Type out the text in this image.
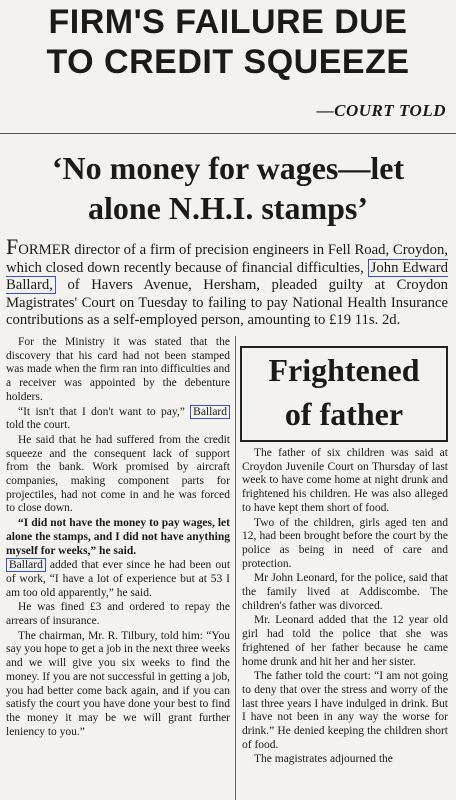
FIRM'S FAILURE DUE
TO CREDIT SQUEEZE
—COURT TOLD
‘No money for wages—let
alone N.H.I. stamps’
FORMER director of a firm of precision engineers in Fell Road, Croydon, which closed down recently because of financial difficulties, John Edward Ballard, of Havers Avenue, Hersham, pleaded guilty at Croydon Magistrates' Court on Tuesday to failing to pay National Health Insurance contributions as a self-employed person, amounting to £19 11s. 2d.

For the Ministry it was stated that the discovery that his card had not been stamped was made when the firm ran into difficulties and a receiver was appointed by the debenture holders.

“It isn't that I don't want to pay,” Ballard told the court.

He said that he had suffered from the credit squeeze and the consequent lack of support from the bank. Work promised by aircraft companies, making component parts for projectiles, had not come in and he was forced to close down.

“I did not have the money to pay wages, let alone the stamps, and I did not have anything myself for weeks,” he said.

Ballard added that ever since he had been out of work, “I have a lot of experience but at 53 I am too old apparently,” he said.

He was fined £3 and ordered to repay the arrears of insurance.

The chairman, Mr. R. Tilbury, told him: “You say you hope to get a job in the next three weeks and we will give you six weeks to find the money. If you are not successful in getting a job, you had better come back again, and if you can satisfy the court you have done your best to find the money it may be we will grant further leniency to you.”

Frightened
of father

The father of six children was said at Croydon Juvenile Court on Thursday of last week to have come home at night drunk and frightened his children. He was also alleged to have kept them short of food.

Two of the children, girls aged ten and 12, had been brought before the court by the police as being in need of care and protection.

Mr John Leonard, for the police, said that the family lived at Addiscombe. The children's father was divorced.

Mr. Leonard added that the 12 year old girl had told the police that she was frightened of her father because he came home drunk and hit her and her sister.

The father told the court: “I am not going to deny that over the stress and worry of the last three years I have indulged in drink. But I have not been in any way the worse for drink.” He denied keeping the children short of food.

The magistrates adjourned the
